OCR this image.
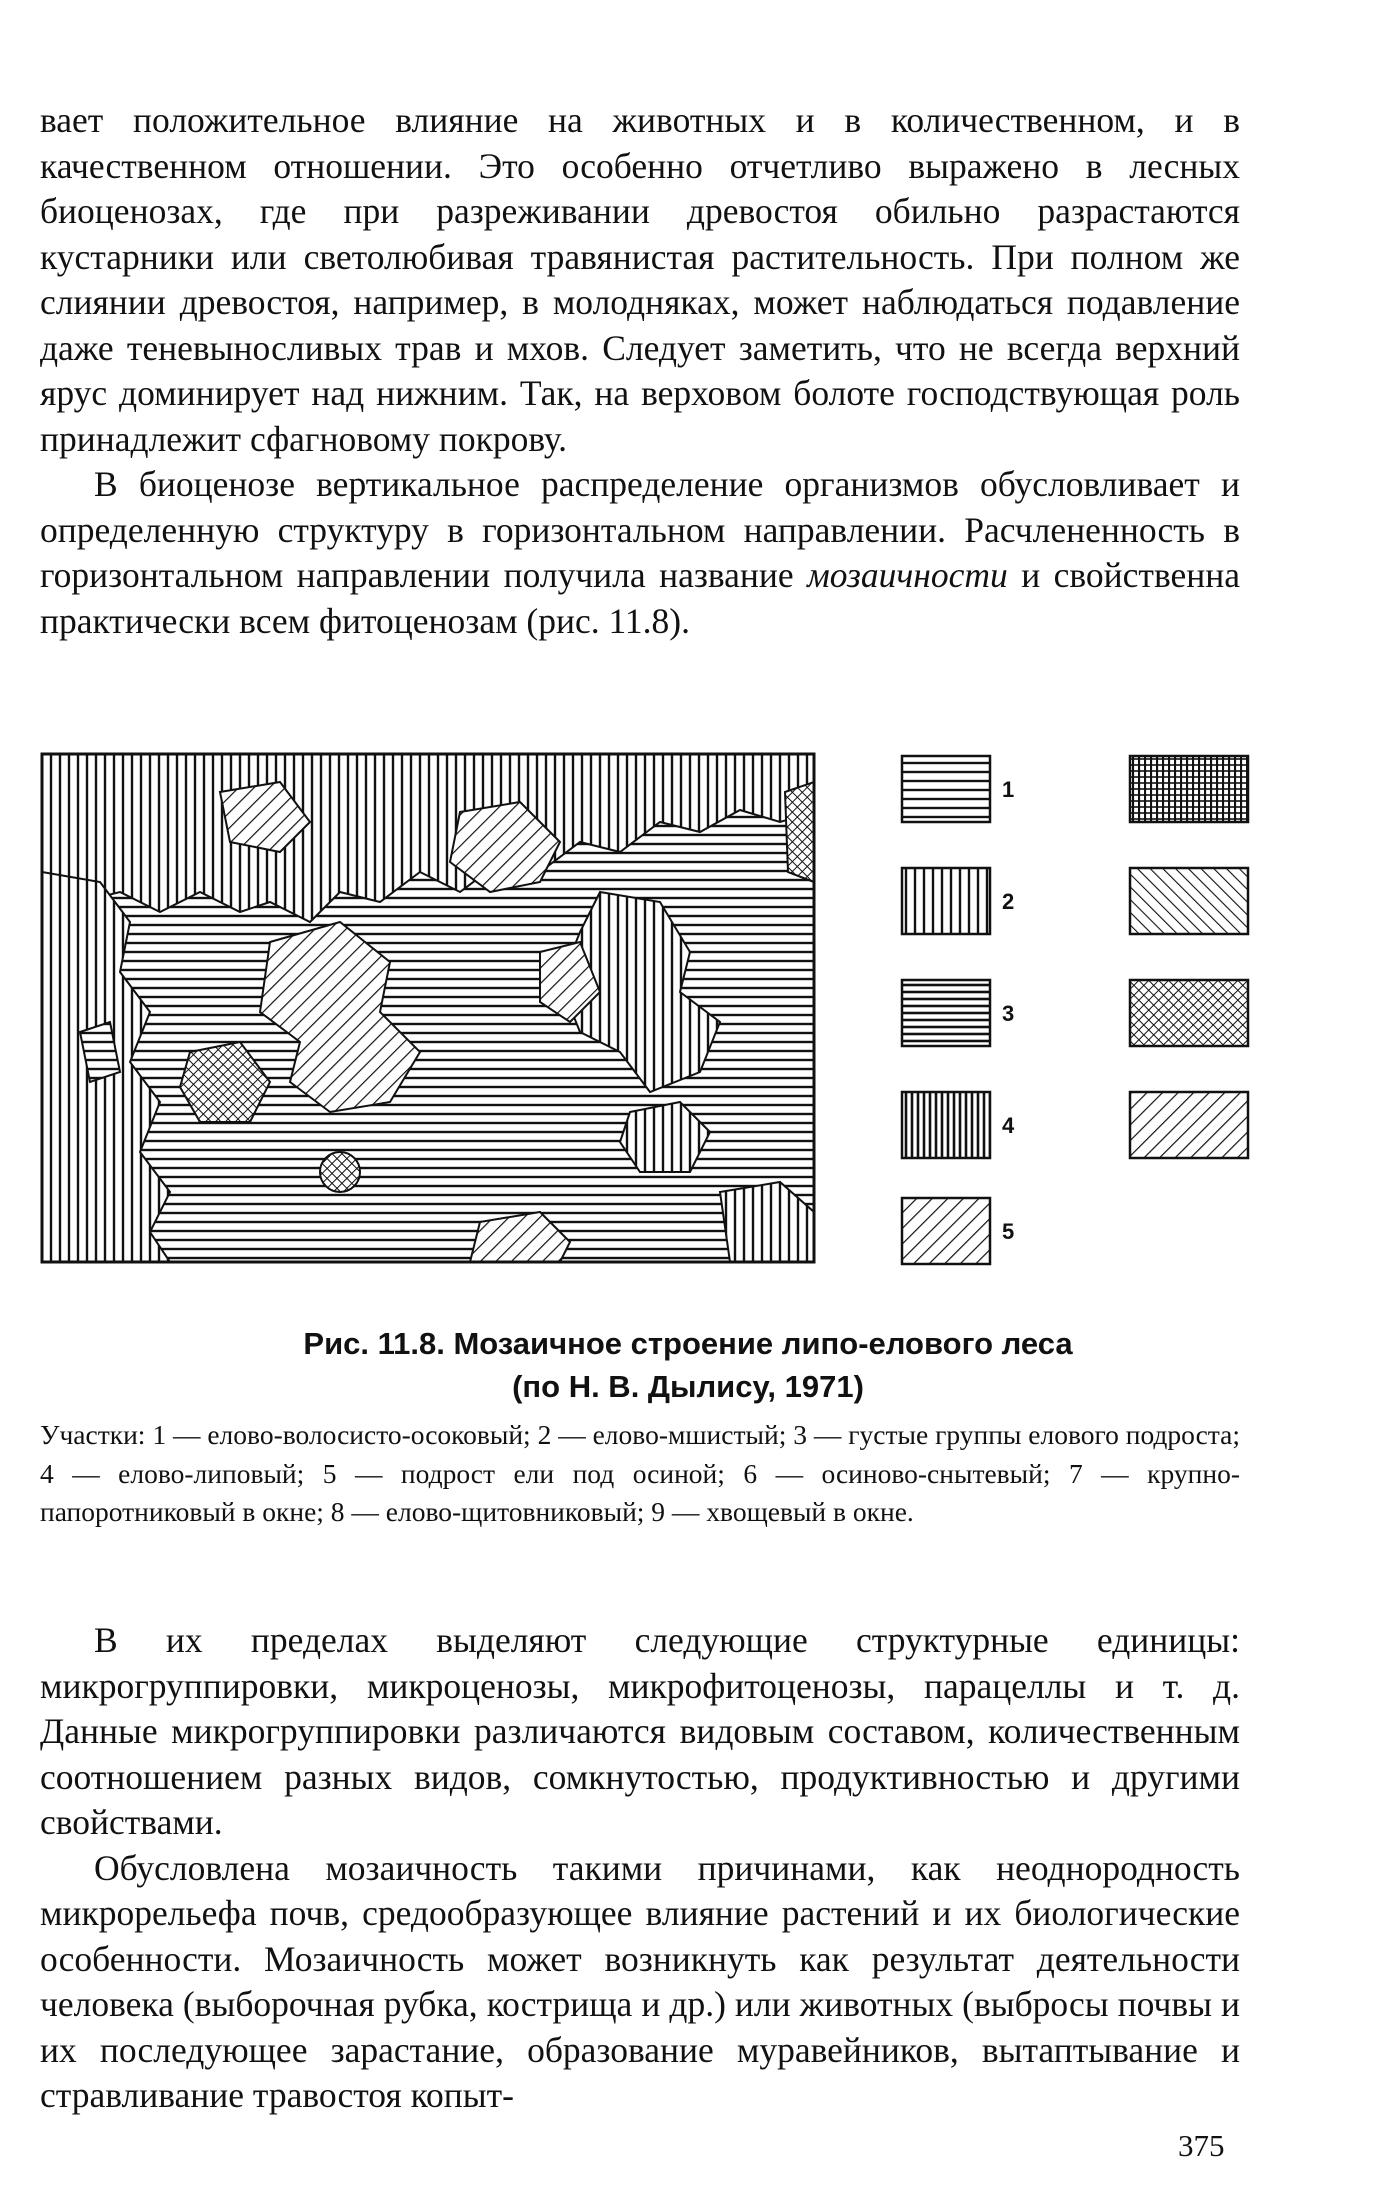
вает положительное влияние на животных и в количественном, и в качественном отношении. Это особенно отчетливо выражено в лесных биоценозах, где при разреживании древостоя обильно разрастаются кустарники или светолюбивая травянистая растительность. При полном же слиянии древостоя, например, в молодняках, может наблюдаться подавление даже теневыносливых трав и мхов. Следует заметить, что не всегда верхний ярус доминирует над нижним. Так, на верховом болоте господствующая роль принадлежит сфагновому покрову.

В биоценозе вертикальное распределение организмов обусловливает и определенную структуру в горизонтальном направлении. Расчлененность в горизонтальном направлении получила название мозаичности и свойственна практически всем фитоценозам (рис. 11.8).

1
2
3
4
5
Рис. 11.8. Мозаичное строение липо-елового леса
(по Н. В. Дылису, 1971)
Участки: 1 — елово-волосисто-осоковый; 2 — елово-мшистый; 3 — густые группы елового подроста; 4 — елово-липовый; 5 — подрост ели под осиной; 6 — осиново-снытевый; 7 — крупно-папоротниковый в окне; 8 — елово-щитовниковый; 9 — хвощевый в окне.

В их пределах выделяют следующие структурные единицы: микрогруппировки, микроценозы, микрофитоценозы, парацеллы и т. д. Данные микрогруппировки различаются видовым составом, количественным соотношением разных видов, сомкнутостью, продуктивностью и другими свойствами.

Обусловлена мозаичность такими причинами, как неоднородность микрорельефа почв, средообразующее влияние растений и их биологические особенности. Мозаичность может возникнуть как результат деятельности человека (выборочная рубка, кострища и др.) или животных (выбросы почвы и их последующее зарастание, образование муравейников, вытаптывание и стравливание травостоя копыт-

375
